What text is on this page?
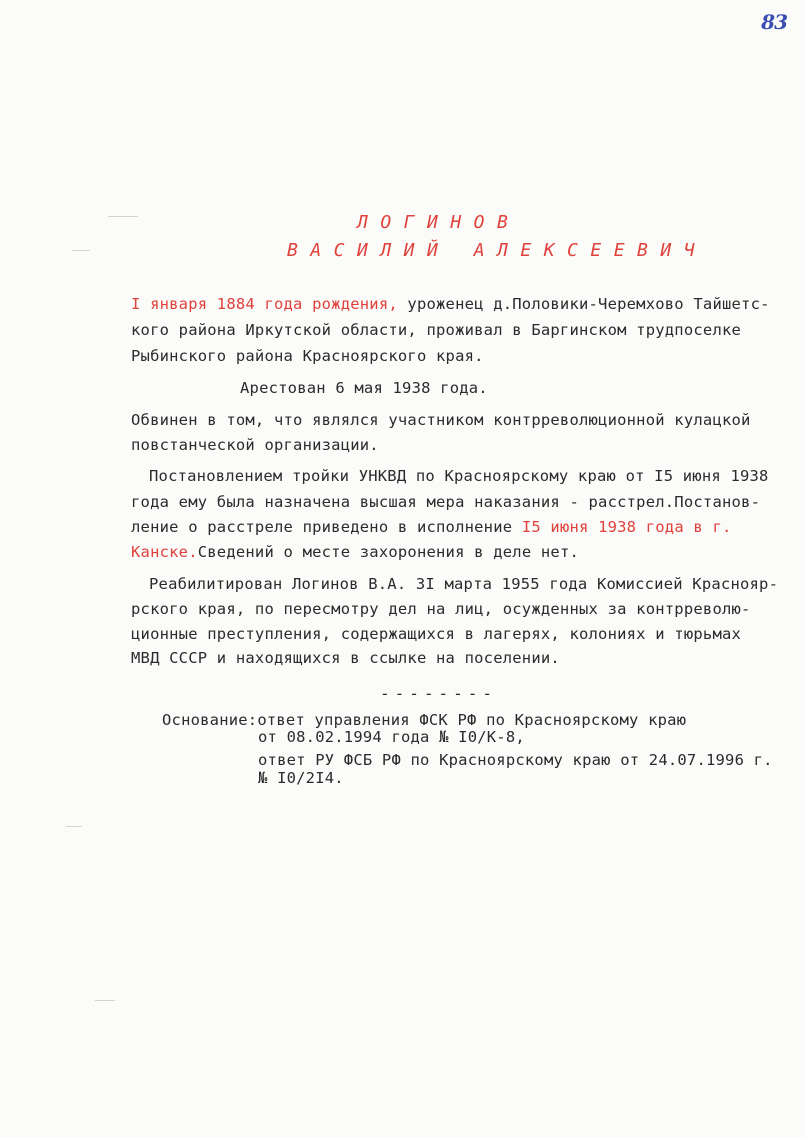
83
ЛОГИНОВ
ВАСИЛИЙ АЛЕКСЕЕВИЧ
I января 1884 года рождения, уроженец д.Половики-Черемхово Тайшетс-
кого района Иркутской области, проживал в Баргинском трудпоселке
Рыбинского района Красноярского края.
Арестован 6 мая 1938 года.
Обвинен в том, что являлся участником контрреволюционной кулацкой
повстанческой организации.
Постановлением тройки УНКВД по Красноярскому краю от I5 июня 1938
года ему была назначена высшая мера наказания - расстрел.Постанов-
ление о расстреле приведено в исполнение I5 июня 1938 года в г.
Канске.Сведений о месте захоронения в деле нет.
Реабилитирован Логинов В.А. 3I марта 1955 года Комиссией Краснояр-
рского края, по пересмотру дел на лиц, осужденных за контрреволю-
ционные преступления, содержащихся в лагерях, колониях и тюрьмах
МВД СССР и находящихся в ссылке на поселении.
--------
Основание:ответ управления ФСК РФ по Красноярскому краю
от 08.02.1994 года № I0/К-8,
ответ РУ ФСБ РФ по Красноярскому краю от 24.07.1996 г.
№ I0/2I4.
